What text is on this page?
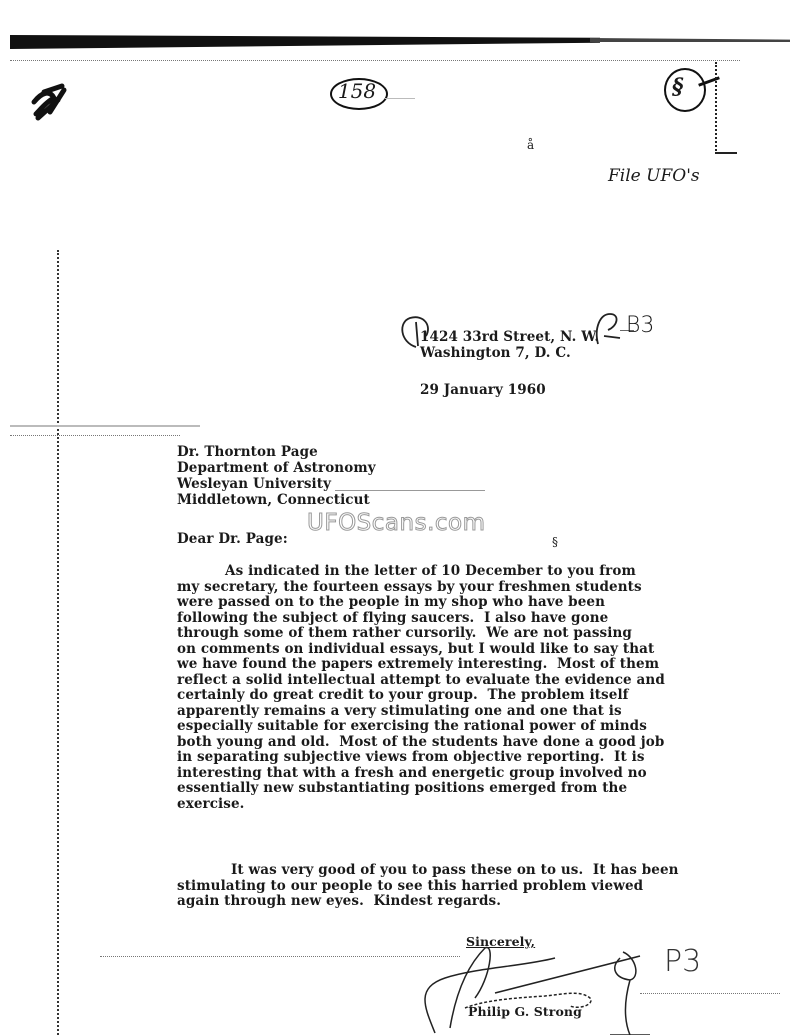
158	§
å
File UFO's
1424 33rd Street, N. W.
Washington 7, D. C.
B3
29 January 1960
Dr. Thornton Page
Department of Astronomy
Wesleyan University
Middletown, Connecticut
UFOScans.com
Dear Dr. Page:	§
As indicated in the letter of 10 December to you from
my secretary, the fourteen essays by your freshmen students
were passed on to the people in my shop who have been
following the subject of flying saucers.  I also have gone
through some of them rather cursorily.  We are not passing
on comments on individual essays, but I would like to say that
we have found the papers extremely interesting.  Most of them
reflect a solid intellectual attempt to evaluate the evidence and
certainly do great credit to your group.  The problem itself
apparently remains a very stimulating one and one that is
especially suitable for exercising the rational power of minds
both young and old.  Most of the students have done a good job
in separating subjective views from objective reporting.  It is
interesting that with a fresh and energetic group involved no
essentially new substantiating positions emerged from the
exercise.
It was very good of you to pass these on to us.  It has been
stimulating to our people to see this harried problem viewed
again through new eyes.  Kindest regards.
Sincerely,
Philip G. Strong
P3
